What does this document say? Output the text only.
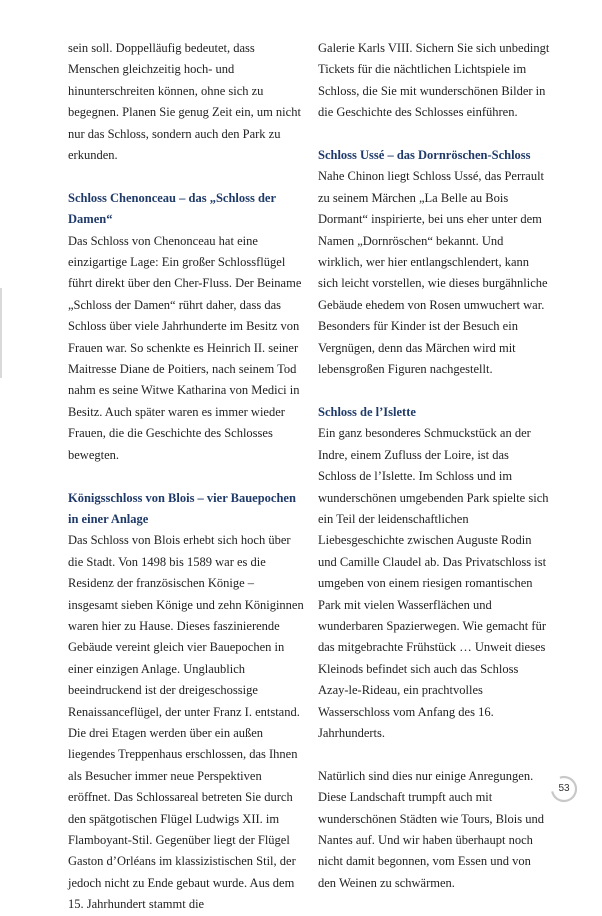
sein soll. Doppelläufig bedeutet, dass Menschen gleichzeitig hoch- und hinunterschreiten können, ohne sich zu begegnen. Planen Sie genug Zeit ein, um nicht nur das Schloss, sondern auch den Park zu erkunden.

Schloss Chenonceau – das „Schloss der Damen“

Das Schloss von Chenonceau hat eine einzigartige Lage: Ein großer Schlossflügel führt direkt über den Cher-Fluss. Der Beiname „Schloss der Damen“ rührt daher, dass das Schloss über viele Jahrhunderte im Besitz von Frauen war. So schenkte es Heinrich II. seiner Maitresse Diane de Poitiers, nach seinem Tod nahm es seine Witwe Katharina von Medici in Besitz. Auch später waren es immer wieder Frauen, die die Geschichte des Schlosses bewegten.

Königsschloss von Blois – vier Bauepochen in einer Anlage

Das Schloss von Blois erhebt sich hoch über die Stadt. Von 1498 bis 1589 war es die Residenz der französischen Könige – insgesamt sieben Könige und zehn Königinnen waren hier zu Hause. Dieses faszinierende Gebäude vereint gleich vier Bauepochen in einer einzigen Anlage. Unglaublich beeindruckend ist der dreigeschossige Renaissanceflügel, der unter Franz I. entstand. Die drei Etagen werden über ein außen liegendes Treppenhaus erschlossen, das Ihnen als Besucher immer neue Perspektiven eröffnet. Das Schlossareal betreten Sie durch den spätgotischen Flügel Ludwigs XII. im Flamboyant-Stil. Gegenüber liegt der Flügel Gaston d’Orléans im klassizistischen Stil, der jedoch nicht zu Ende gebaut wurde. Aus dem 15. Jahrhundert stammt die

Galerie Karls VIII. Sichern Sie sich unbedingt Tickets für die nächtlichen Lichtspiele im Schloss, die Sie mit wunderschönen Bilder in die Geschichte des Schlosses einführen.

Schloss Ussé – das Dornröschen-Schloss

Nahe Chinon liegt Schloss Ussé, das Perrault zu seinem Märchen „La Belle au Bois Dormant“ inspirierte, bei uns eher unter dem Namen „Dornröschen“ bekannt. Und wirklich, wer hier entlangschlendert, kann sich leicht vorstellen, wie dieses burgähnliche Gebäude ehedem von Rosen umwuchert war. Besonders für Kinder ist der Besuch ein Vergnügen, denn das Märchen wird mit lebensgroßen Figuren nachgestellt.

Schloss de l’Islette

Ein ganz besonderes Schmuckstück an der Indre, einem Zufluss der Loire, ist das Schloss de l’Islette. Im Schloss und im wunderschönen umgebenden Park spielte sich ein Teil der leidenschaftlichen Liebesgeschichte zwischen Auguste Rodin und Camille Claudel ab. Das Privatschloss ist umgeben von einem riesigen romantischen Park mit vielen Wasserflächen und wunderbaren Spazierwegen. Wie gemacht für das mitgebrachte Frühstück … Unweit dieses Kleinods befindet sich auch das Schloss Azay-le-Rideau, ein prachtvolles Wasserschloss vom Anfang des 16. Jahrhunderts.

Natürlich sind dies nur einige Anregungen. Diese Landschaft trumpft auch mit wunderschönen Städten wie Tours, Blois und Nantes auf. Und wir haben überhaupt noch nicht damit begonnen, vom Essen und von den Weinen zu schwärmen.

53
